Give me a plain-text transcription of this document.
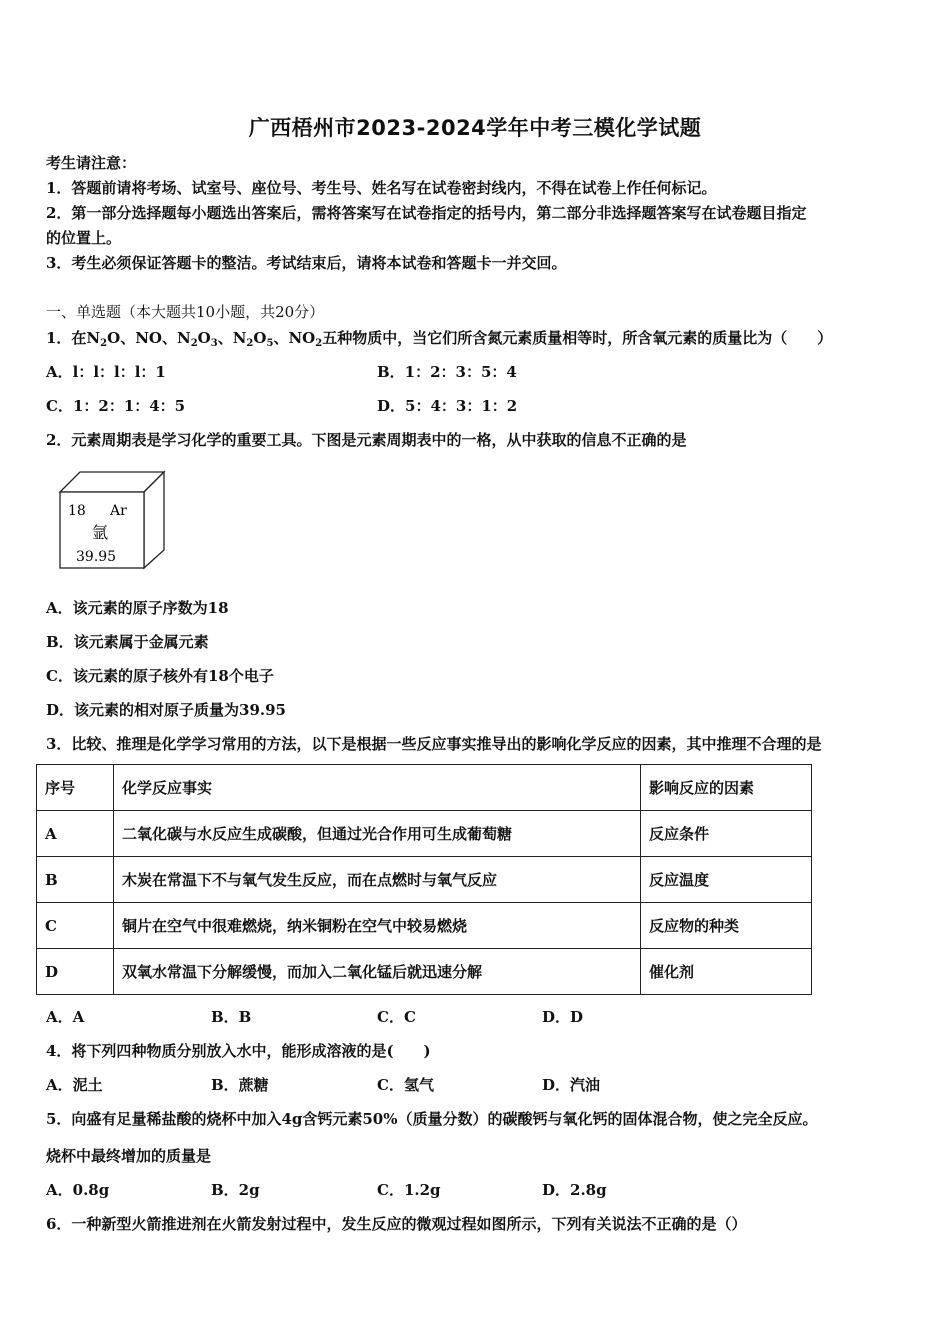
广西梧州市2023-2024学年中考三模化学试题
考生请注意：
1．答题前请将考场、试室号、座位号、考生号、姓名写在试卷密封线内，不得在试卷上作任何标记。
2．第一部分选择题每小题选出答案后，需将答案写在试卷指定的括号内，第二部分非选择题答案写在试卷题目指定
的位置上。
3．考生必须保证答题卡的整洁。考试结束后，请将本试卷和答题卡一并交回。
一、单选题（本大题共10小题，共20分）
1．在$N_2O$、NO、$N_2O_3$、$N_2O_5$、$NO_2$五种物质中，当它们所含氮元素质量相等时，所含氧元素的质量比为（　　）
A．l：l：l：l：1	B．1：2：3：5：4
C．1：2：1：4：5	D．5：4：3：1：2
2．元素周期表是学习化学的重要工具。下图是元素周期表中的一格，从中获取的信息不正确的是
18 Ar
氩
39.95
A．该元素的原子序数为18
B．该元素属于金属元素
C．该元素的原子核外有18个电子
D．该元素的相对原子质量为39.95
3．比较、推理是化学学习常用的方法，以下是根据一些反应事实推导出的影响化学反应的因素，其中推理不合理的是
序号	化学反应事实	影响反应的因素
A	二氧化碳与水反应生成碳酸，但通过光合作用可生成葡萄糖	反应条件
B	木炭在常温下不与氧气发生反应，而在点燃时与氧气反应	反应温度
C	铜片在空气中很难燃烧，纳米铜粉在空气中较易燃烧	反应物的种类
D	双氧水常温下分解缓慢，而加入二氧化锰后就迅速分解	催化剂
A．A	B．B	C．C	D．D
4．将下列四种物质分别放入水中，能形成溶液的是(　　)
A．泥土	B．蔗糖	C．氢气	D．汽油
5．向盛有足量稀盐酸的烧杯中加入4g含钙元素50%（质量分数）的碳酸钙与氧化钙的固体混合物，使之完全反应。
烧杯中最终增加的质量是
A．0.8g	B．2g	C．1.2g	D．2.8g
6．一种新型火箭推进剂在火箭发射过程中，发生反应的微观过程如图所示，下列有关说法不正确的是（）
